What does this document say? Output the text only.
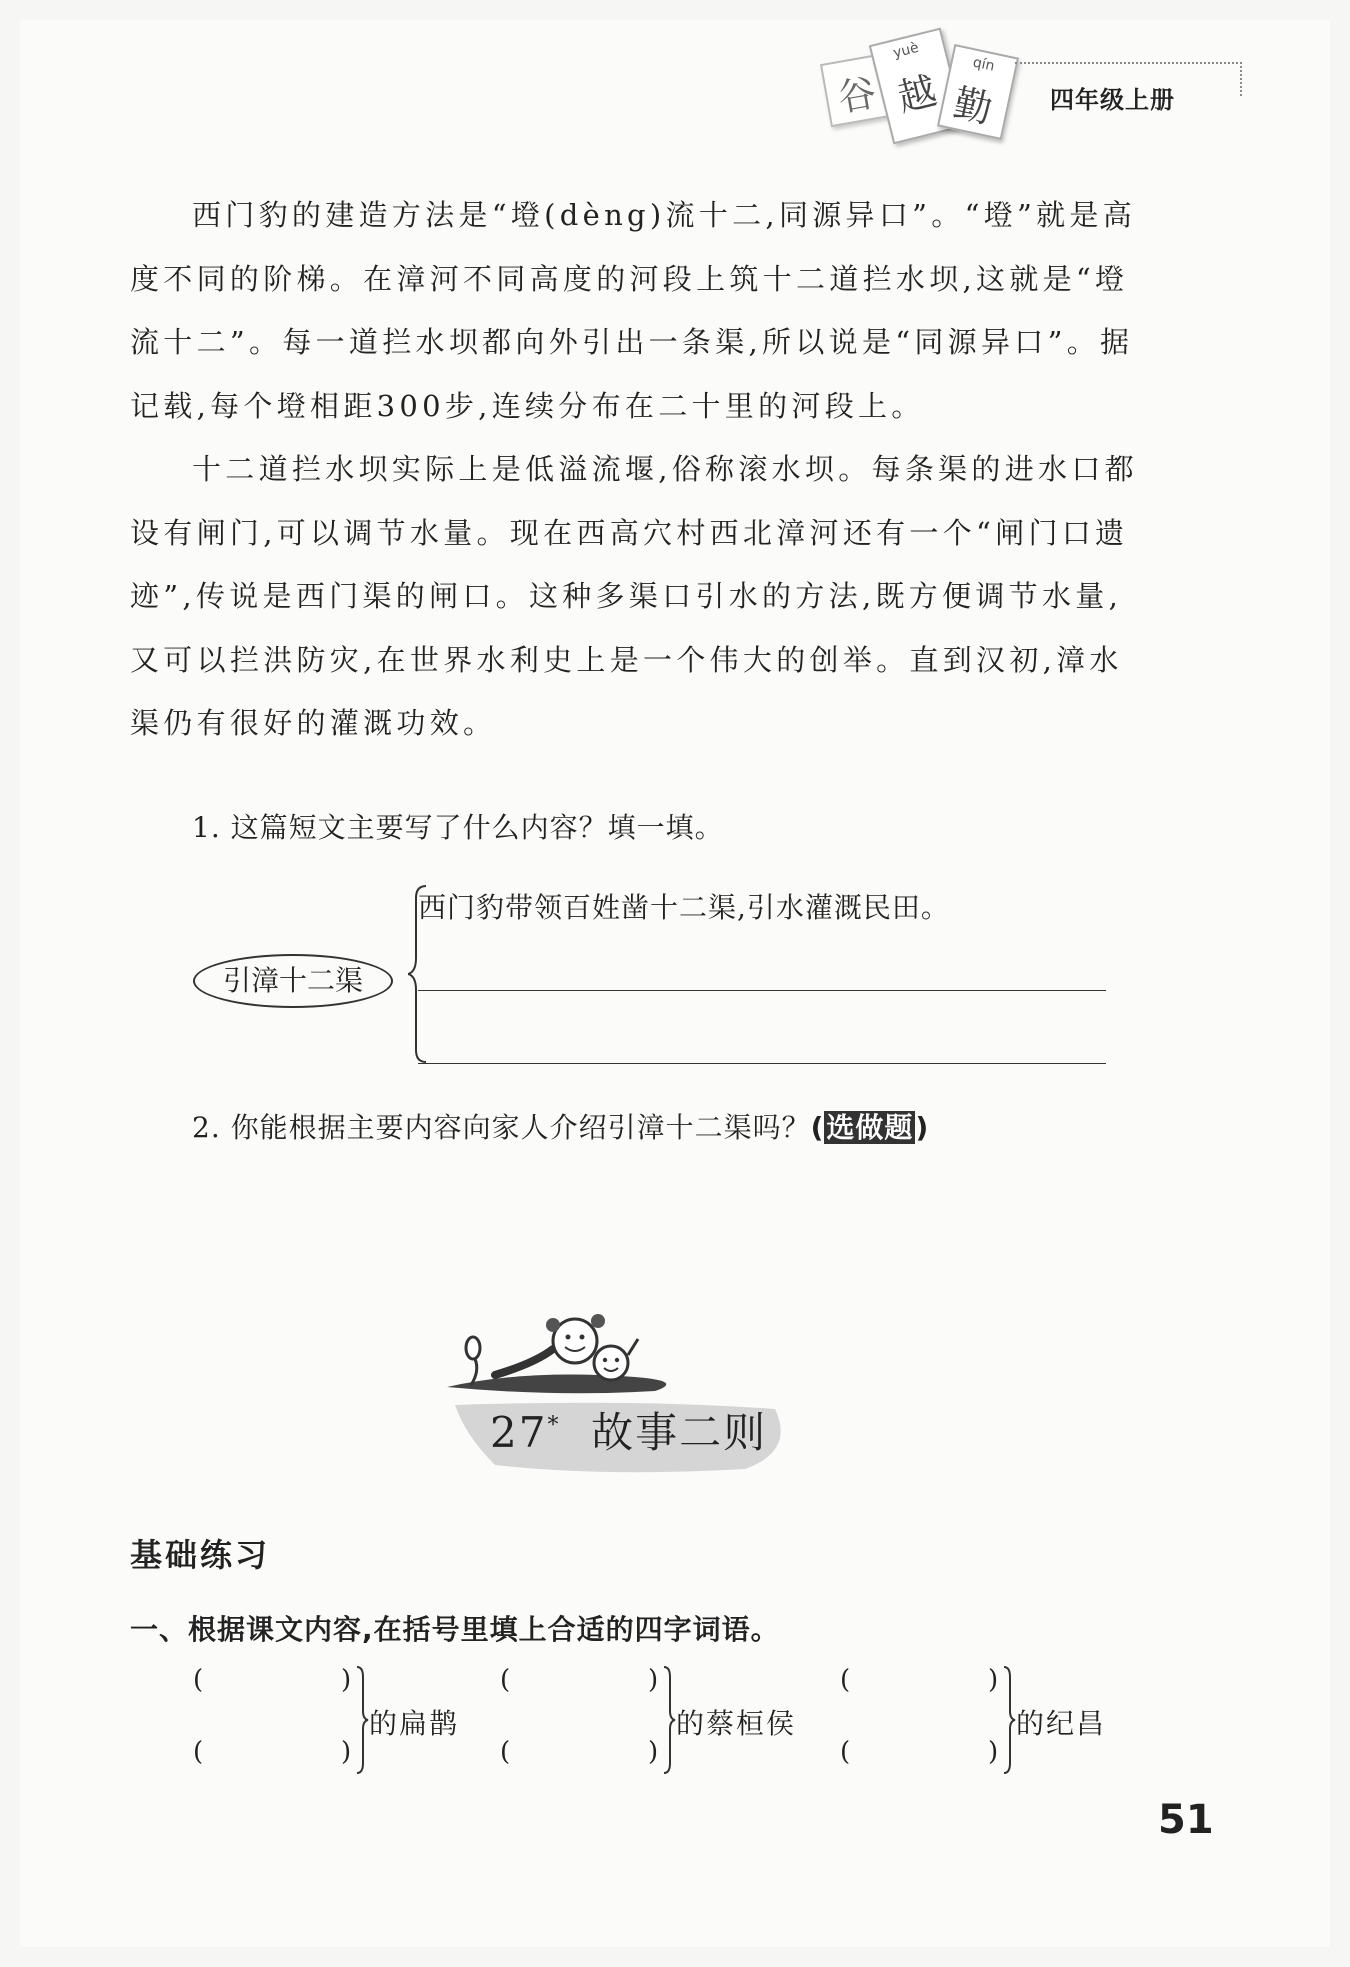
谷
yuè
越
qín
勤 四年级上册

西门豹的建造方法是“墱(dèng)流十二,同源异口”。“墱”就是高度不同的阶梯。在漳河不同高度的河段上筑十二道拦水坝,这就是“墱流十二”。每一道拦水坝都向外引出一条渠,所以说是“同源异口”。据记载,每个墱相距300步,连续分布在二十里的河段上。

十二道拦水坝实际上是低溢流堰,俗称滚水坝。每条渠的进水口都设有闸门,可以调节水量。现在西高穴村西北漳河还有一个“闸门口遗迹”,传说是西门渠的闸口。这种多渠口引水的方法,既方便调节水量,又可以拦洪防灾,在世界水利史上是一个伟大的创举。直到汉初,漳水渠仍有很好的灌溉功效。

1. 这篇短文主要写了什么内容？填一填。

引漳十二渠
西门豹带领百姓凿十二渠,引水灌溉民田。

2. 你能根据主要内容向家人介绍引漳十二渠吗？(选做题)

27* 故事二则
基础练习
一、根据课文内容,在括号里填上合适的四字词语。
(	)
(	)
的扁鹊
(	)
(	)
的蔡桓侯
(	)
(	)
的纪昌
51
